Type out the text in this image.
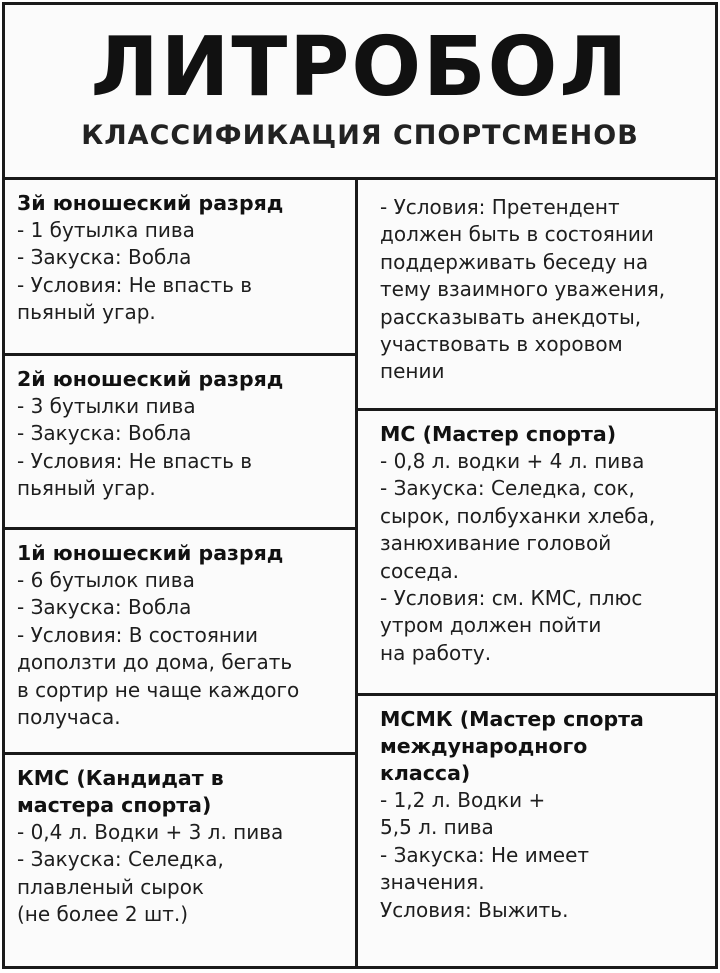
ЛИТРОБОЛ
КЛАССИФИКАЦИЯ СПОРТСМЕНОВ
3й юношеский разряд
- 1 бутылка пива
- Закуска: Вобла
- Условия: Не впасть в
пьяный угар.
2й юношеский разряд
- 3 бутылки пива
- Закуска: Вобла
- Условия: Не впасть в
пьяный угар.
1й юношеский разряд
- 6 бутылок пива
- Закуска: Вобла
- Условия: В состоянии
доползти до дома, бегать
в сортир не чаще каждого
получаса.
КМС (Кандидат в
мастера спорта)
- 0,4 л. Водки + 3 л. пива
- Закуска: Селедка,
плавленый сырок
(не более 2 шт.)
- Условия: Претендент
должен быть в состоянии
поддерживать беседу на
тему взаимного уважения,
рассказывать анекдоты,
участвовать в хоровом
пении
МС (Мастер спорта)
- 0,8 л. водки + 4 л. пива
- Закуска: Селедка, сок,
сырок, полбуханки хлеба,
занюхивание головой
соседа.
- Условия: см. КМС, плюс
утром должен пойти
на работу.
МСМК (Мастер спорта
международного
класса)
- 1,2 л. Водки +
5,5 л. пива
- Закуска: Не имеет
значения.
Условия: Выжить.
